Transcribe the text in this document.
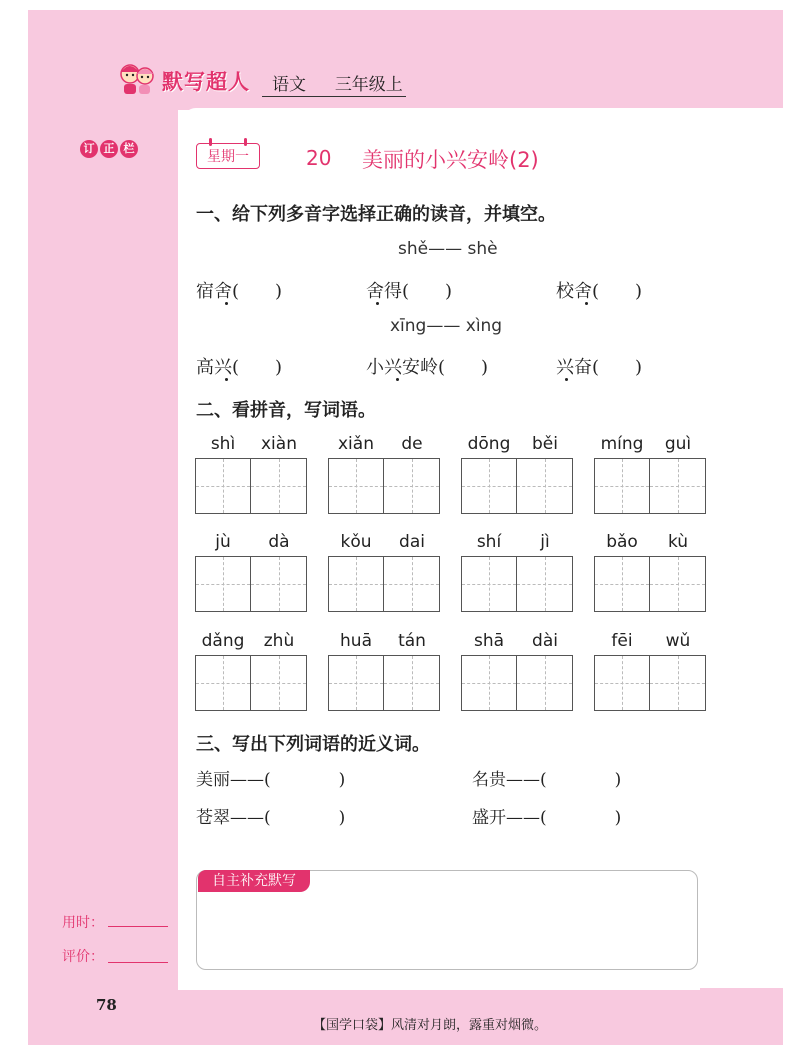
默写超人 语文 三年级上
订 正 栏
星期一	20 美丽的小兴安岭(2)
一、给下列多音字选择正确的读音，并填空。
shě—— shè
宿舍(　　)	舍得(　　)	校舍(　　)
xīng—— xìng
高兴(　　)	小兴安岭(　　)	兴奋(　　)
二、看拼音，写词语。
shì	xiàn	xiǎn	de	dōng	běi	míng	guì
jù	dà	kǒu	dai	shí	jì	bǎo	kù
dǎng	zhù	huā	tán	shā	dài	fēi	wǔ
三、写出下列词语的近义词。
美丽——(　　　　)	名贵——(　　　　)
苍翠——(　　　　)	盛开——(　　　　)
自主补充默写
用时：
评价：
78
【国学口袋】风清对月朗，露重对烟微。
